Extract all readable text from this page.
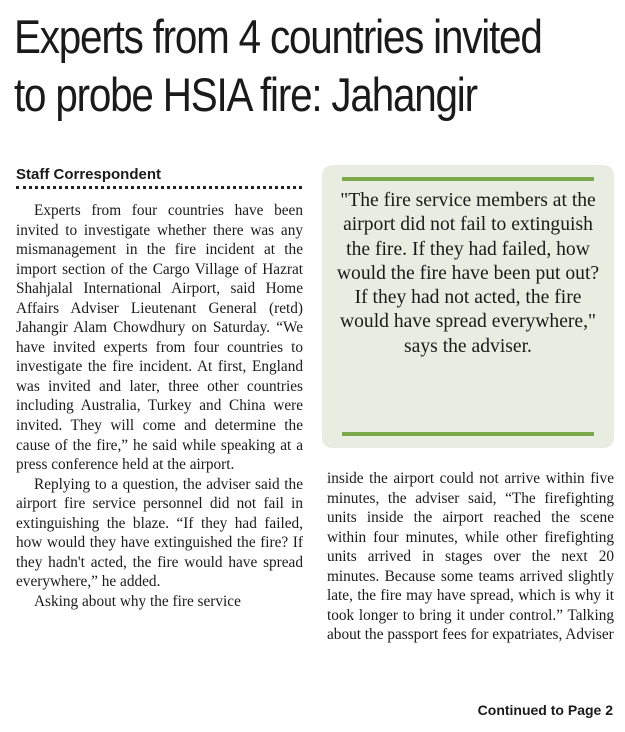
Experts from 4 countries invited
to probe HSIA fire: Jahangir
Staff Correspondent

Experts from four countries have been invited to investigate whether there was any mismanagement in the fire incident at the import section of the Cargo Village of Hazrat Shahjalal International Airport, said Home Affairs Adviser Lieutenant General (retd) Jahangir Alam Chowdhury on Saturday. “We have invited experts from four countries to investigate the fire incident. At first, England was invited and later, three other countries including Australia, Turkey and China were invited. They will come and determine the cause of the fire,” he said while speaking at a press conference held at the airport.

Replying to a question, the adviser said the airport fire service personnel did not fail in extinguishing the blaze. “If they had failed, how would they have extinguished the fire? If they hadn't acted, the fire would have spread everywhere,” he added.

Asking about why the fire service

"The fire service members at the airport did not fail to extinguish the fire. If they had failed, how would the fire have been put out? If they had not acted, the fire would have spread everywhere," says the adviser.

inside the airport could not arrive within five minutes, the adviser said, “The firefighting units inside the airport reached the scene within four minutes, while other firefighting units arrived in stages over the next 20 minutes. Because some teams arrived slightly late, the fire may have spread, which is why it took longer to bring it under control.” Talking about the passport fees for expatriates, Adviser

Continued to Page 2
